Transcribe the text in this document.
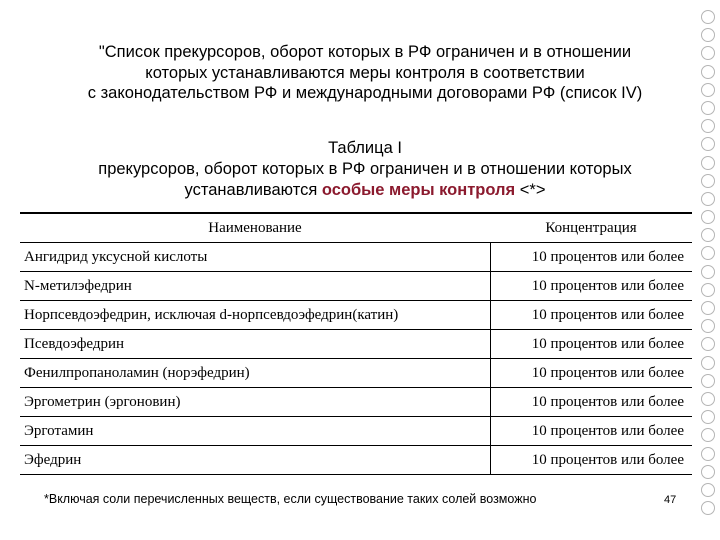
"Список прекурсоров, оборот которых в РФ ограничен и в отношении
которых устанавливаются меры контроля в соответствии
с законодательством РФ и международными договорами РФ (список IV)
Таблица I
прекурсоров, оборот которых в РФ ограничен и в отношении которых
устанавливаются особые меры контроля <*>
Наименование	Концентрация
Ангидрид уксусной кислоты	10 процентов или более
N-метилэфедрин	10 процентов или более
Норпсевдоэфедрин, исключая d-норпсевдоэфедрин(катин)	10 процентов или более
Псевдоэфедрин	10 процентов или более
Фенилпропаноламин (норэфедрин)	10 процентов или более
Эргометрин (эргоновин)	10 процентов или более
Эрготамин	10 процентов или более
Эфедрин	10 процентов или более
*Включая соли перечисленных веществ, если существование таких солей возможно	47
